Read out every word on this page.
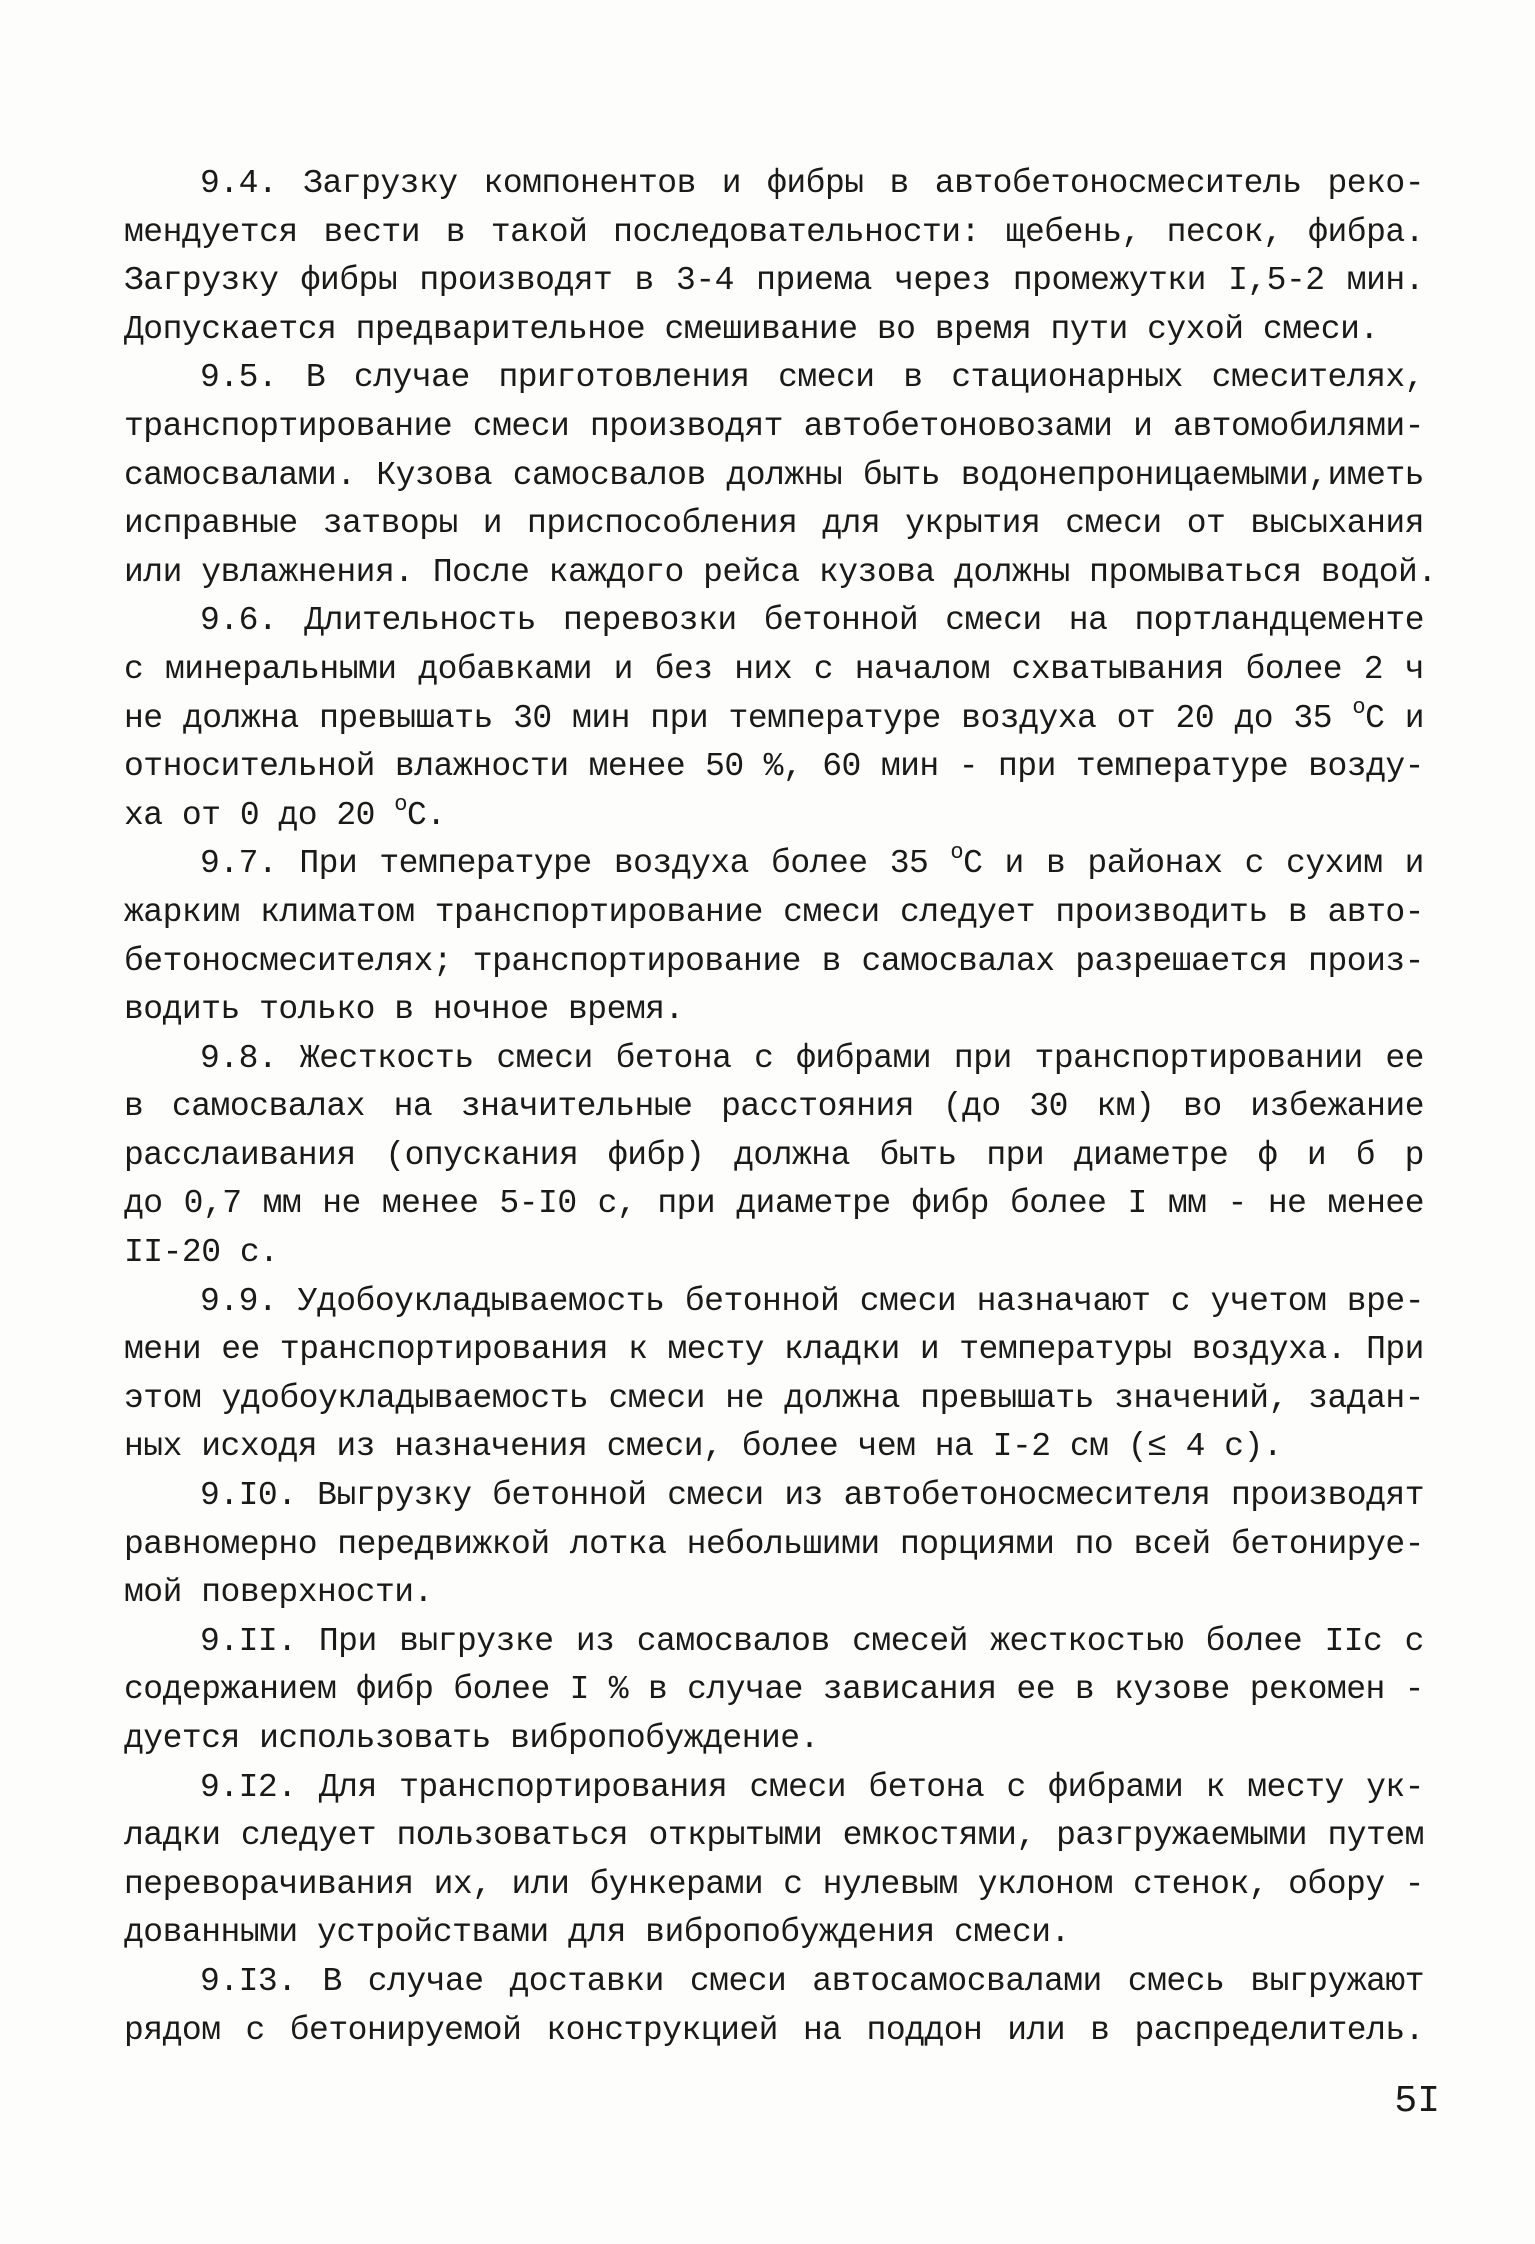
9.4. Загрузку компонентов и фибры в автобетоносмеситель реко-
мендуется вести в такой последовательности: щебень, песок, фибра.
Загрузку фибры производят в 3-4 приема через промежутки I,5-2 мин.
Допускается предварительное смешивание во время пути сухой смеси.
9.5. В случае приготовления смеси в стационарных смесителях,
транспортирование смеси производят автобетоновозами и автомобилями-
самосвалами. Кузова самосвалов должны быть водонепроницаемыми,иметь
исправные затворы и приспособления для укрытия смеси от высыхания
или увлажнения. После каждого рейса кузова должны промываться водой.
9.6. Длительность перевозки бетонной смеси на портландцементе
с минеральными добавками и без них с началом схватывания более 2 ч
не должна превышать 30 мин при температуре воздуха от 20 до 35 $^o$С и
относительной влажности менее 50 %, 60 мин - при температуре возду-
ха от 0 до 20 $^o$С.
9.7. При температуре воздуха более 35 $^o$С и в районах с сухим и
жарким климатом транспортирование смеси следует производить в авто-
бетоносмесителях; транспортирование в самосвалах разрешается произ-
водить только в ночное время.
9.8. Жесткость смеси бетона с фибрами при транспортировании ее
в самосвалах на значительные расстояния (до 30 км) во избежание
расслаивания (опускания фибр) должна быть при диаметре ф и б р
до 0,7 мм не менее 5-I0 с, при диаметре фибр более I мм - не менее
II-20 с.
9.9. Удобоукладываемость бетонной смеси назначают с учетом вре-
мени ее транспортирования к месту кладки и температуры воздуха. При
этом удобоукладываемость смеси не должна превышать значений, задан-
ных исходя из назначения смеси, более чем на I-2 см (≤ 4 с).
9.I0. Выгрузку бетонной смеси из автобетоносмесителя производят
равномерно передвижкой лотка небольшими порциями по всей бетонируе-
мой поверхности.
9.II. При выгрузке из самосвалов смесей жесткостью более IIс с
содержанием фибр более I % в случае зависания ее в кузове рекомен -
дуется использовать вибропобуждение.
9.I2. Для транспортирования смеси бетона с фибрами к месту ук-
ладки следует пользоваться открытыми емкостями, разгружаемыми путем
переворачивания их, или бункерами с нулевым уклоном стенок, обору -
дованными устройствами для вибропобуждения смеси.
9.I3. В случае доставки смеси автосамосвалами смесь выгружают
рядом с бетонируемой конструкцией на поддон или в распределитель.
5I
